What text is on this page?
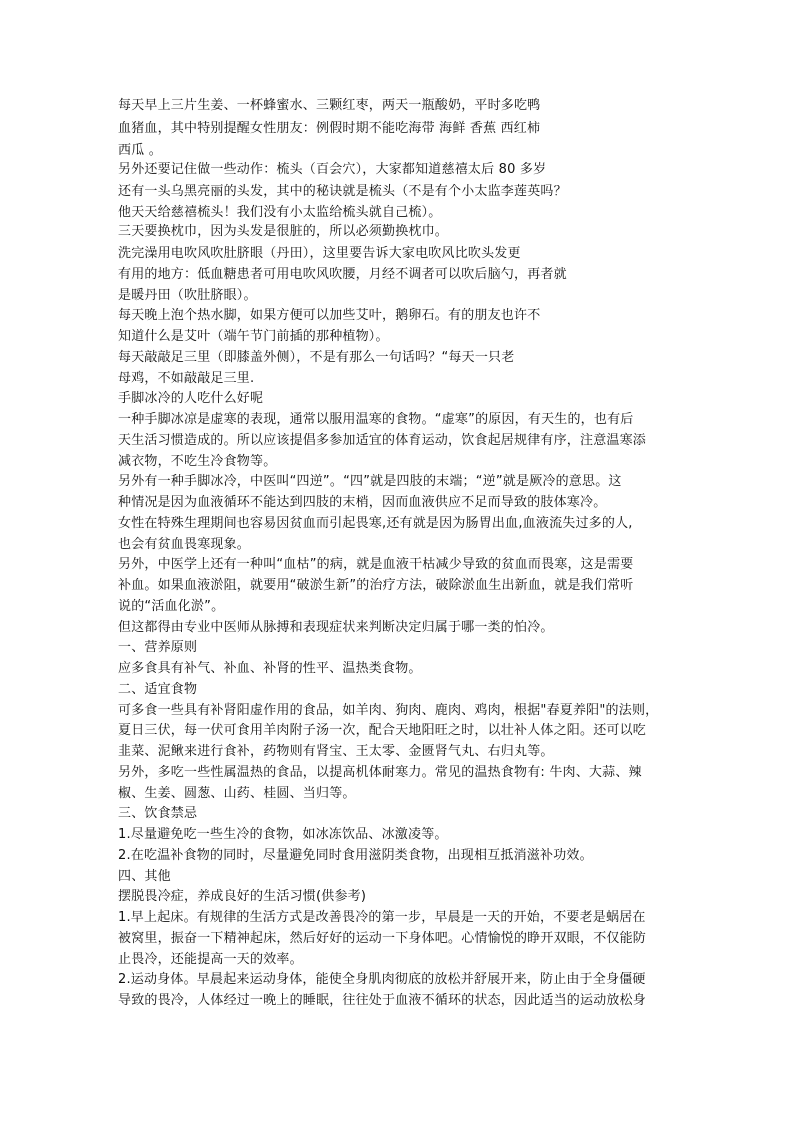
每天早上三片生姜、一杯蜂蜜水、三颗红枣，两天一瓶酸奶，平时多吃鸭
血猪血，其中特别提醒女性朋友：例假时期不能吃海带 海鲜 香蕉 西红柿
西瓜 。
另外还要记住做一些动作：梳头（百会穴），大家都知道慈禧太后 80 多岁
还有一头乌黑亮丽的头发，其中的秘诀就是梳头（不是有个小太监李莲英吗？
他天天给慈禧梳头！我们没有小太监给梳头就自己梳）。
三天要换枕巾，因为头发是很脏的，所以必须勤换枕巾。
洗完澡用电吹风吹肚脐眼（丹田），这里要告诉大家电吹风比吹头发更
有用的地方：低血糖患者可用电吹风吹腰，月经不调者可以吹后脑勺，再者就
是暖丹田（吹肚脐眼）。
每天晚上泡个热水脚，如果方便可以加些艾叶，鹅卵石。有的朋友也许不
知道什么是艾叶（端午节门前插的那种植物）。
每天敲敲足三里（即膝盖外侧），不是有那么一句话吗？“每天一只老
母鸡，不如敲敲足三里.
手脚冰冷的人吃什么好呢
一种手脚冰凉是虚寒的表现，通常以服用温寒的食物。“虚寒”的原因，有天生的，也有后
天生活习惯造成的。所以应该提倡多参加适宜的体育运动，饮食起居规律有序，注意温寒添
减衣物，不吃生冷食物等。
另外有一种手脚冰冷，中医叫“四逆”。“四”就是四肢的末端；“逆”就是厥冷的意思。这
种情况是因为血液循环不能达到四肢的末梢，因而血液供应不足而导致的肢体寒冷。
女性在特殊生理期间也容易因贫血而引起畏寒,还有就是因为肠胃出血,血液流失过多的人,
也会有贫血畏寒现象。
另外，中医学上还有一种叫“血枯”的病，就是血液干枯减少导致的贫血而畏寒，这是需要
补血。如果血液淤阻，就要用“破淤生新”的治疗方法，破除淤血生出新血，就是我们常听
说的“活血化淤”。
但这都得由专业中医师从脉搏和表现症状来判断决定归属于哪一类的怕冷。
一、营养原则
应多食具有补气、补血、补肾的性平、温热类食物。
二、适宜食物
可多食一些具有补肾阳虚作用的食品，如羊肉、狗肉、鹿肉、鸡肉，根据"春夏养阳"的法则，
夏日三伏，每一伏可食用羊肉附子汤一次，配合天地阳旺之时，以壮补人体之阳。还可以吃
韭菜、泥鳅来进行食补，药物则有肾宝、王太零、金匮肾气丸、右归丸等。
另外，多吃一些性属温热的食品，以提高机体耐寒力。常见的温热食物有: 牛肉、大蒜、辣
椒、生姜、圆葱、山药、桂圆、当归等。
三、饮食禁忌
1.尽量避免吃一些生冷的食物，如冰冻饮品、冰激凌等。
2.在吃温补食物的同时，尽量避免同时食用滋阴类食物，出现相互抵消滋补功效。
四、其他
摆脱畏冷症，养成良好的生活习惯(供参考)
1.早上起床。有规律的生活方式是改善畏冷的第一步，早晨是一天的开始，不要老是蜗居在
被窝里，振奋一下精神起床，然后好好的运动一下身体吧。心情愉悦的睁开双眼，不仅能防
止畏冷，还能提高一天的效率。
2.运动身体。早晨起来运动身体，能使全身肌肉彻底的放松并舒展开来，防止由于全身僵硬
导致的畏冷，人体经过一晚上的睡眠，往往处于血液不循环的状态，因此适当的运动放松身
